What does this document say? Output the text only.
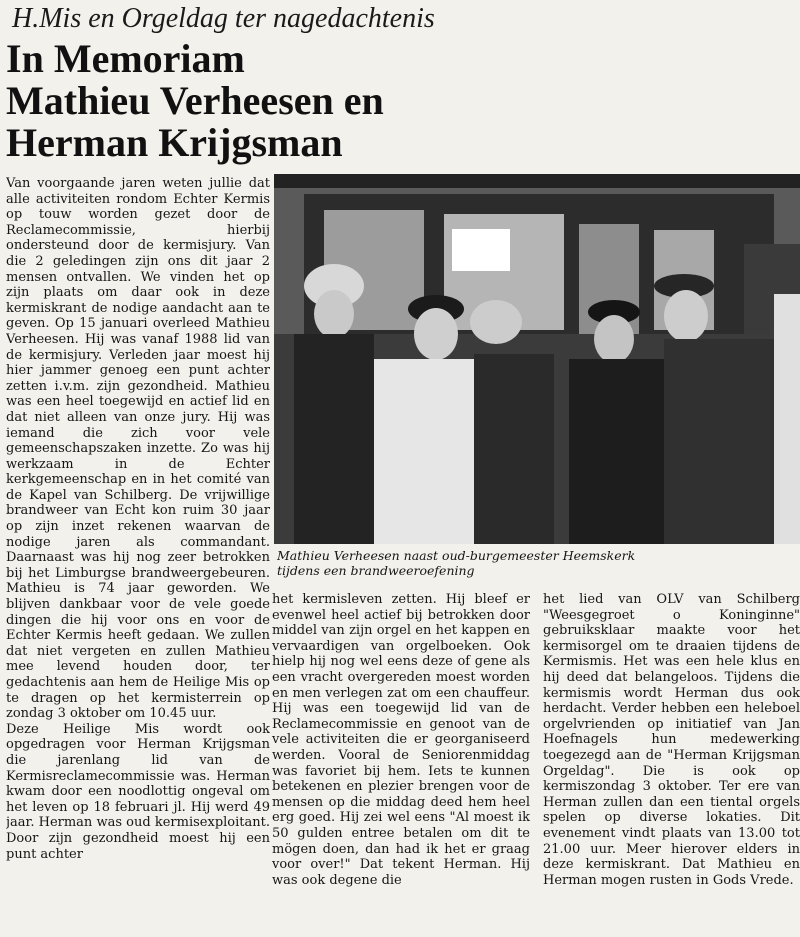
H.Mis en Orgeldag ter nagedachtenis
In Memoriam
Mathieu Verheesen en
Herman Krijgsman

Van voorgaande jaren weten jullie dat alle activiteiten rondom Echter Kermis op touw worden gezet door de Reclamecommissie, hierbij ondersteund door de kermisjury. Van die 2 geledingen zijn ons dit jaar 2 mensen ontvallen. We vinden het op zijn plaats om daar ook in deze kermiskrant de nodige aandacht aan te geven. Op 15 januari overleed Mathieu Verheesen. Hij was vanaf 1988 lid van de kermisjury. Verleden jaar moest hij hier jammer genoeg een punt achter zetten i.v.m. zijn gezondheid. Mathieu was een heel toegewijd en actief lid en dat niet alleen van onze jury. Hij was iemand die zich voor vele gemeenschapszaken inzette. Zo was hij werkzaam in de Echter kerkgemeenschap en in het comité van de Kapel van Schilberg. De vrijwillige brandweer van Echt kon ruim 30 jaar op zijn inzet rekenen waarvan de nodige jaren als commandant. Daarnaast was hij nog zeer betrokken bij het Limburgse brandweergebeuren. Mathieu is 74 jaar geworden. We blijven dankbaar voor de vele goede dingen die hij voor ons en voor de Echter Kermis heeft gedaan. We zullen dat niet vergeten en zullen Mathieu mee levend houden door, ter gedachtenis aan hem de Heilige Mis op te dragen op het kermisterrein op zondag 3 oktober om 10.45 uur.

Deze Heilige Mis wordt ook opgedragen voor Herman Krijgsman die jarenlang lid van de Kermisreclamecommissie was. Herman kwam door een noodlottig ongeval om het leven op 18 februari jl. Hij werd 49 jaar. Herman was oud kermisexploitant. Door zijn gezondheid moest hij een punt achter

Mathieu Verheesen naast oud-burgemeester Heemskerk

tijdens een brandweeroefening

het kermisleven zetten. Hij bleef er evenwel heel actief bij betrokken door middel van zijn orgel en het kappen en vervaardigen van orgelboeken. Ook hielp hij nog wel eens deze of gene als een vracht overgereden moest worden en men verlegen zat om een chauffeur. Hij was een toegewijd lid van de Reclamecommissie en genoot van de vele activiteiten die er georganiseerd werden. Vooral de Seniorenmiddag was favoriet bij hem. Iets te kunnen betekenen en plezier brengen voor de mensen op die middag deed hem heel erg goed. Hij zei wel eens "Al moest ik 50 gulden entree betalen om dit te mögen doen, dan had ik het er graag voor over!" Dat tekent Herman. Hij was ook degene die

het lied van OLV van Schilberg "Weesgegroet o Koninginne" gebruiksklaar maakte voor het kermisorgel om te draaien tijdens de Kermismis. Het was een hele klus en hij deed dat belangeloos. Tijdens die kermismis wordt Herman dus ook herdacht. Verder hebben een heleboel orgelvrienden op initiatief van Jan Hoefnagels hun medewerking toegezegd aan de "Herman Krijgsman Orgeldag". Die is ook op kermiszondag 3 oktober. Ter ere van Herman zullen dan een tiental orgels spelen op diverse lokaties. Dit evenement vindt plaats van 13.00 tot 21.00 uur. Meer hierover elders in deze kermiskrant. Dat Mathieu en Herman mogen rusten in Gods Vrede.
